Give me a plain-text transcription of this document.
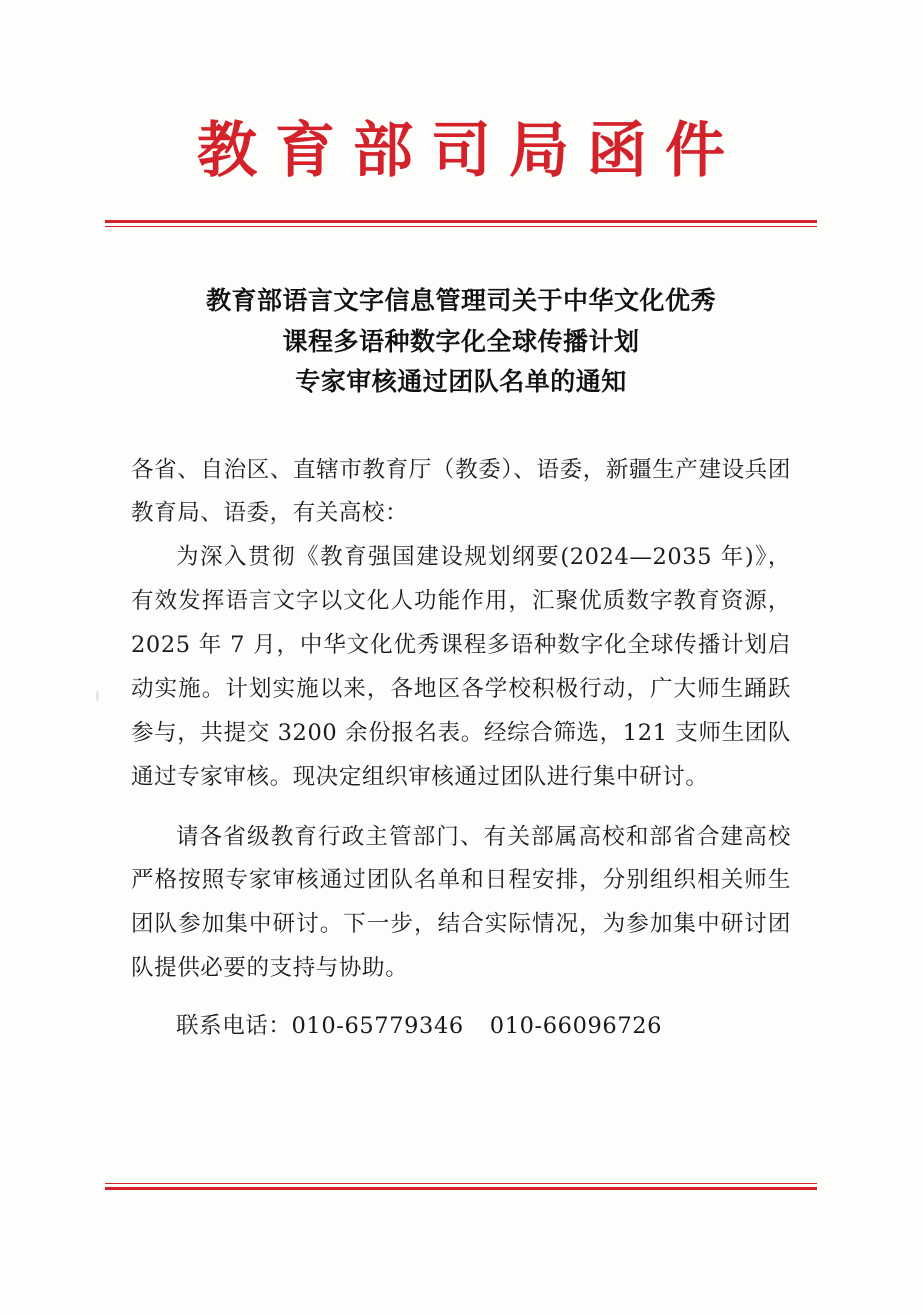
教育部司局函件
教育部语言文字信息管理司关于中华文化优秀
课程多语种数字化全球传播计划
专家审核通过团队名单的通知
各省、自治区、直辖市教育厅（教委）、语委，新疆生产建设兵团教育局、语委，有关高校：
为深入贯彻《教育强国建设规划纲要(2024—2035 年)》，有效发挥语言文字以文化人功能作用，汇聚优质数字教育资源，2025 年 7 月，中华文化优秀课程多语种数字化全球传播计划启动实施。计划实施以来，各地区各学校积极行动，广大师生踊跃参与，共提交 3200 余份报名表。经综合筛选，121 支师生团队通过专家审核。现决定组织审核通过团队进行集中研讨。
请各省级教育行政主管部门、有关部属高校和部省合建高校严格按照专家审核通过团队名单和日程安排，分别组织相关师生团队参加集中研讨。下一步，结合实际情况，为参加集中研讨团队提供必要的支持与协助。
联系电话：010-65779346 010-66096726
